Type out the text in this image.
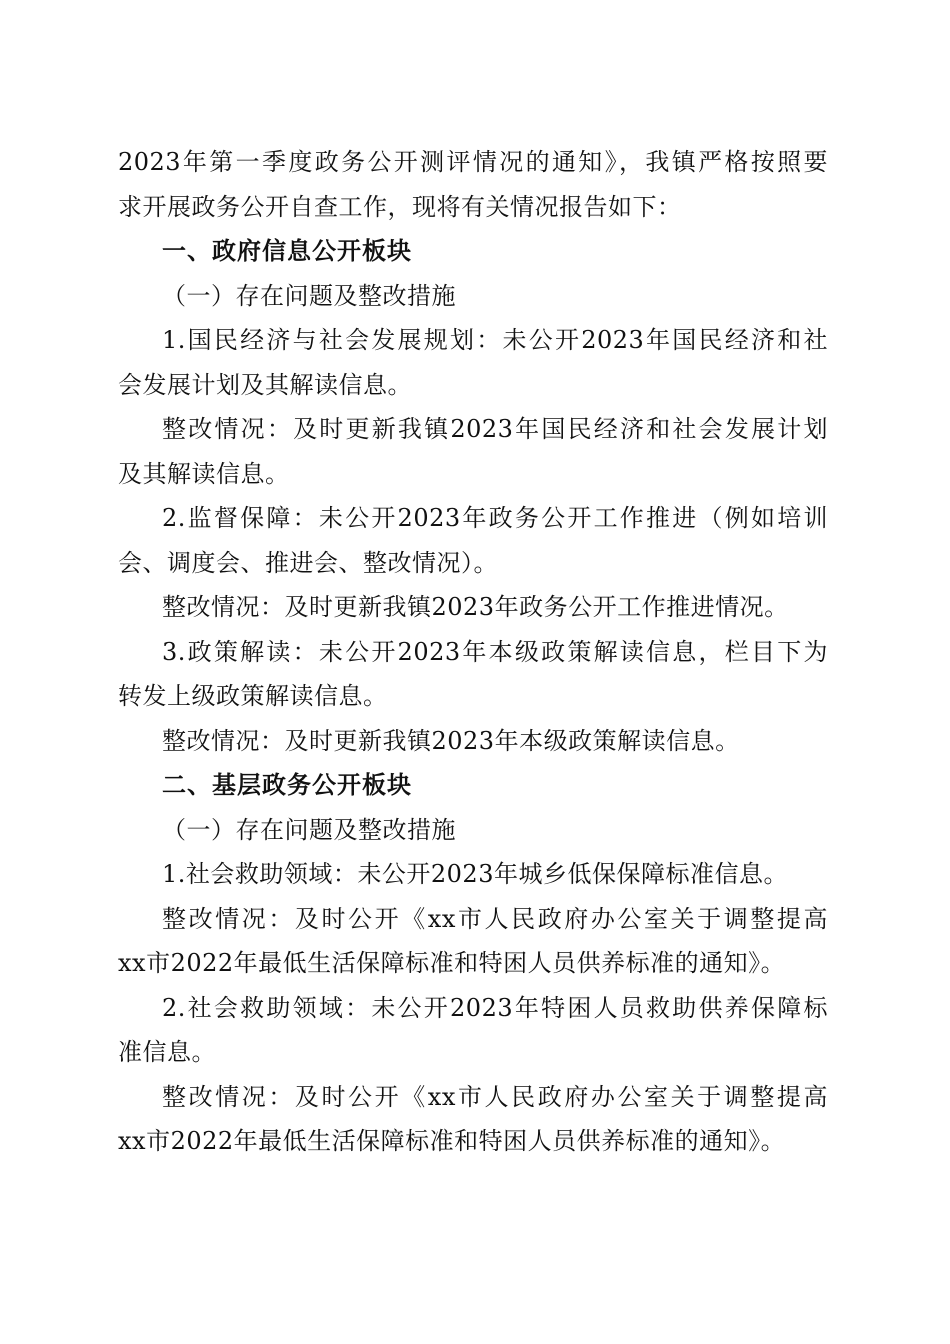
2023年第一季度政务公开测评情况的通知》，我镇严格按照要
求开展政务公开自查工作，现将有关情况报告如下：
一、政府信息公开板块
（一）存在问题及整改措施
1.国民经济与社会发展规划：未公开2023年国民经济和社
会发展计划及其解读信息。
整改情况：及时更新我镇2023年国民经济和社会发展计划
及其解读信息。
2.监督保障：未公开2023年政务公开工作推进（例如培训
会、调度会、推进会、整改情况）。
整改情况：及时更新我镇2023年政务公开工作推进情况。
3.政策解读：未公开2023年本级政策解读信息，栏目下为
转发上级政策解读信息。
整改情况：及时更新我镇2023年本级政策解读信息。
二、基层政务公开板块
（一）存在问题及整改措施
1.社会救助领域：未公开2023年城乡低保保障标准信息。
整改情况：及时公开《xx市人民政府办公室关于调整提高
xx市2022年最低生活保障标准和特困人员供养标准的通知》。
2.社会救助领域：未公开2023年特困人员救助供养保障标
准信息。
整改情况：及时公开《xx市人民政府办公室关于调整提高
xx市2022年最低生活保障标准和特困人员供养标准的通知》。
